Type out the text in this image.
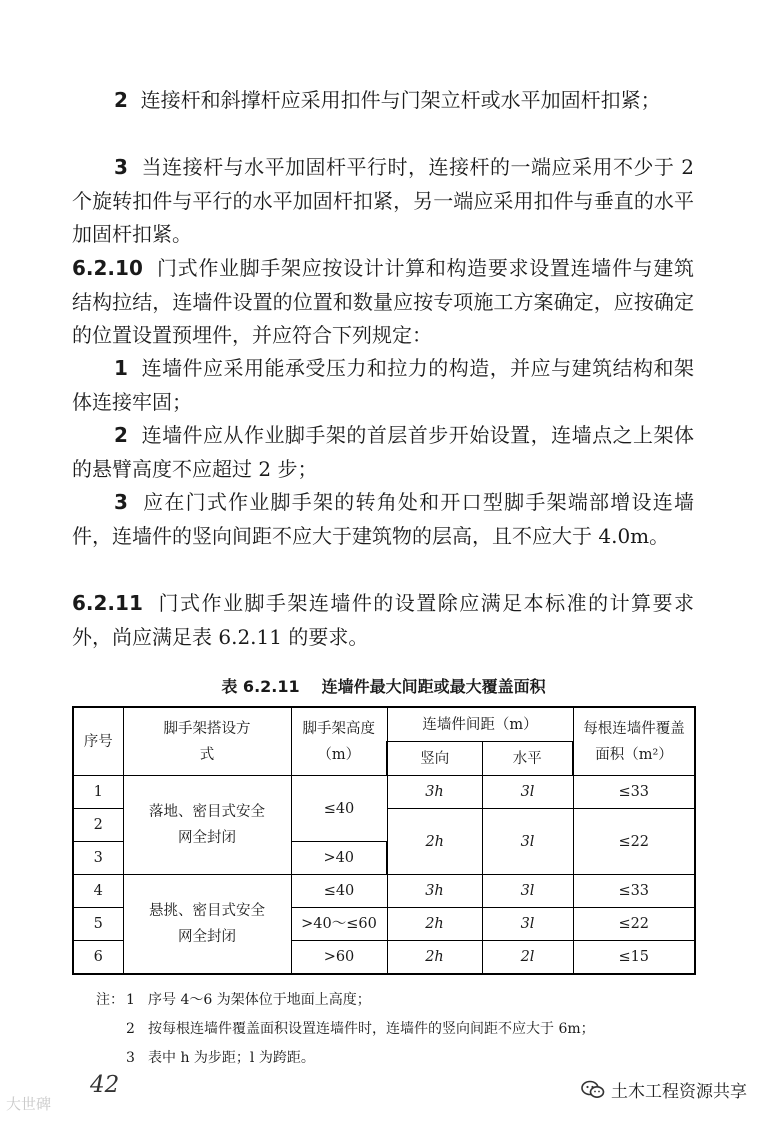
2 连接杆和斜撑杆应采用扣件与门架立杆或水平加固杆扣紧；

3 当连接杆与水平加固杆平行时，连接杆的一端应采用不少于 2 个旋转扣件与平行的水平加固杆扣紧，另一端应采用扣件与垂直的水平加固杆扣紧。

6.2.10 门式作业脚手架应按设计计算和构造要求设置连墙件与建筑结构拉结，连墙件设置的位置和数量应按专项施工方案确定，应按确定的位置设置预埋件，并应符合下列规定：

1 连墙件应采用能承受压力和拉力的构造，并应与建筑结构和架体连接牢固；

2 连墙件应从作业脚手架的首层首步开始设置，连墙点之上架体的悬臂高度不应超过 2 步；

3 应在门式作业脚手架的转角处和开口型脚手架端部增设连墙件，连墙件的竖向间距不应大于建筑物的层高，且不应大于 4.0m。

6.2.11 门式作业脚手架连墙件的设置除应满足本标准的计算要求外，尚应满足表 6.2.11 的要求。

表 6.2.11 连墙件最大间距或最大覆盖面积
序号	脚手架搭设方式	脚手架高度（m）	连墙件间距（m）		每根连墙件覆盖面积（m²）

			竖向	水平	
1	落地、密目式安全网全封闭	≤40	3h	3l	≤33
2			2h	3l	≤22
3		>40			
4	悬挑、密目式安全网全封闭	≤40	3h	3l	≤33
5		>40～≤60	2h	3l	≤22
6		>60	2h	2l	≤15
注： 1 序号 4～6 为架体位于地面上高度；
2 按每根连墙件覆盖面积设置连墙件时，连墙件的竖向间距不应大于 6m；
3 表中 h 为步距；l 为跨距。
42
大世碑
土木工程资源共享
